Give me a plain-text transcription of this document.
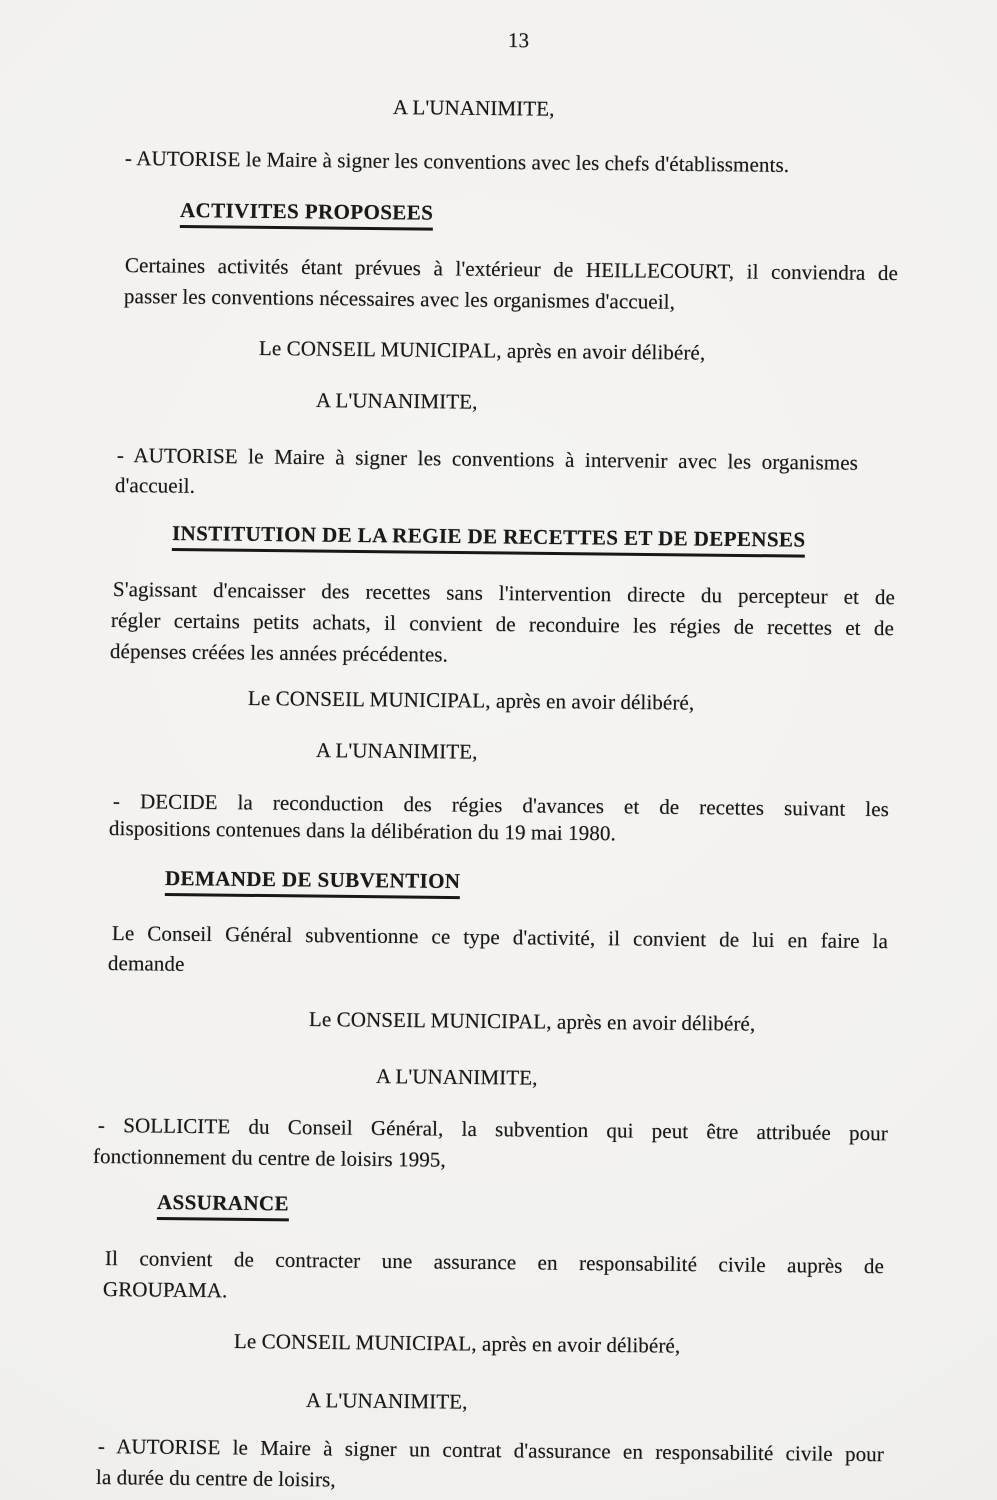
13
A L'UNANIMITE,
- AUTORISE le Maire à signer les conventions avec les chefs d'établissments.
ACTIVITES PROPOSEES
Certaines activités étant prévues à l'extérieur de HEILLECOURT, il conviendra de
passer les conventions nécessaires avec les organismes d'accueil,
Le CONSEIL MUNICIPAL, après en avoir délibéré,
A L'UNANIMITE,
- AUTORISE le Maire à signer les conventions à intervenir avec les organismes
d'accueil.
INSTITUTION DE LA REGIE DE RECETTES ET DE DEPENSES
S'agissant d'encaisser des recettes sans l'intervention directe du percepteur et de
régler certains petits achats, il convient de reconduire les régies de recettes et de
dépenses créées les années précédentes.
Le CONSEIL MUNICIPAL, après en avoir délibéré,
A L'UNANIMITE,
- DECIDE la reconduction des régies d'avances et de recettes suivant les
dispositions contenues dans la délibération du 19 mai 1980.
DEMANDE DE SUBVENTION
Le Conseil Général subventionne ce type d'activité, il convient de lui en faire la
demande
Le CONSEIL MUNICIPAL, après en avoir délibéré,
A L'UNANIMITE,
- SOLLICITE du Conseil Général, la subvention qui peut être attribuée pour
fonctionnement du centre de loisirs 1995,
ASSURANCE
Il convient de contracter une assurance en responsabilité civile auprès de
GROUPAMA.
Le CONSEIL MUNICIPAL, après en avoir délibéré,
A L'UNANIMITE,
- AUTORISE le Maire à signer un contrat d'assurance en responsabilité civile pour
la durée du centre de loisirs,
